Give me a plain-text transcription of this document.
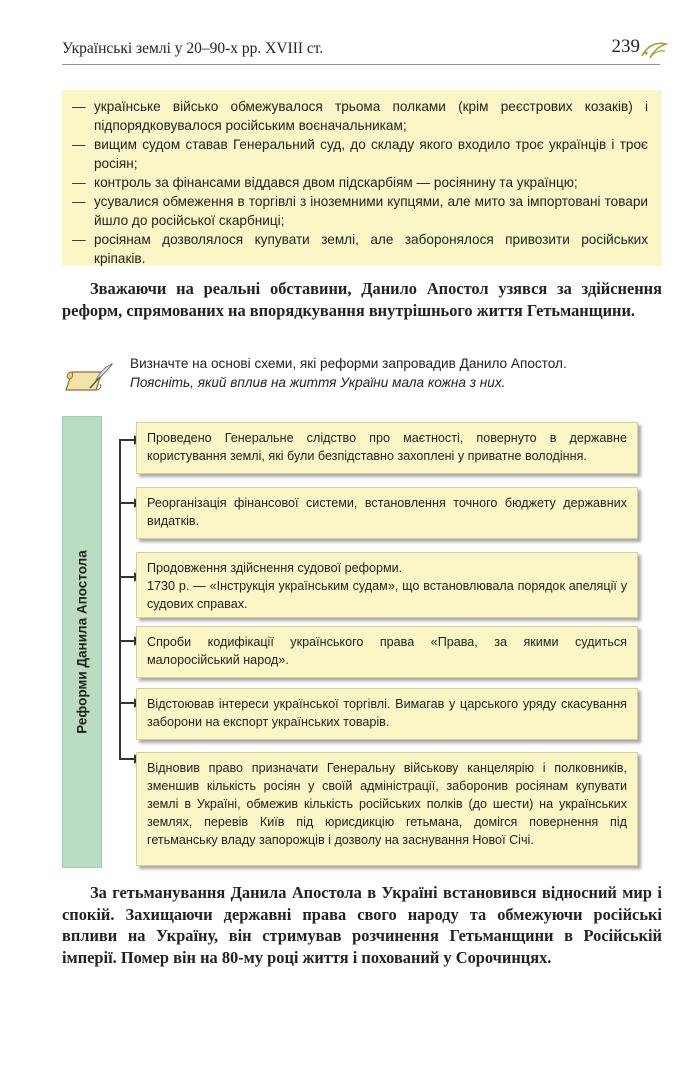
Українські землі у 20–90-х рр. XVIII ст.	239
— українське військо обмежувалося трьома полками (крім реєстрових козаків) і підпорядковувалося російським воєначальникам;
— вищим судом ставав Генеральний суд, до складу якого входило троє українців і троє росіян;
— контроль за фінансами віддався двом підскарбіям — росіянину та українцю;
— усувалися обмеження в торгівлі з іноземними купцями, але мито за імпортовані товари йшло до російської скарбниці;
— росіянам дозволялося купувати землі, але заборонялося привозити російських кріпаків.

Зважаючи на реальні обставини, Данило Апостол узявся за здійснення реформ, спрямованих на впорядкування внутрішнього життя Гетьманщини.

Визначте на основі схеми, які реформи запровадив Данило Апостол.
Поясніть, який вплив на життя України мала кожна з них.
Реформи Данила Апостола
Проведено Генеральне слідство про маєтності, повернуто в державне користування землі, які були безпідставно захоплені у приватне володіння.
Реорганізація фінансової системи, встановлення точного бюджету державних видатків.
Продовження здійснення судової реформи.
1730 р. — «Інструкція українським судам», що встановлювала порядок апеляції у судових справах.
Спроби кодифікації українського права «Права, за якими судиться малоросійський народ».
Відстоював інтереси української торгівлі. Вимагав у царського уряду скасування заборони на експорт українських товарів.
Відновив право призначати Генеральну військову канцелярію і полковників, зменшив кількість росіян у своїй адміністрації, заборонив росіянам купувати землі в Україні, обмежив кількість російських полків (до шести) на українських землях, перевів Київ під юрисдикцію гетьмана, домігся повернення під гетьманську владу запорожців і дозволу на заснування Нової Січі.

За гетьманування Данила Апостола в Україні встановився відносний мир і спокій. Захищаючи державні права свого народу та обмежуючи російські впливи на Україну, він стримував розчинення Гетьманщини в Російській імперії. Помер він на 80-му році життя і похований у Сорочинцях.
